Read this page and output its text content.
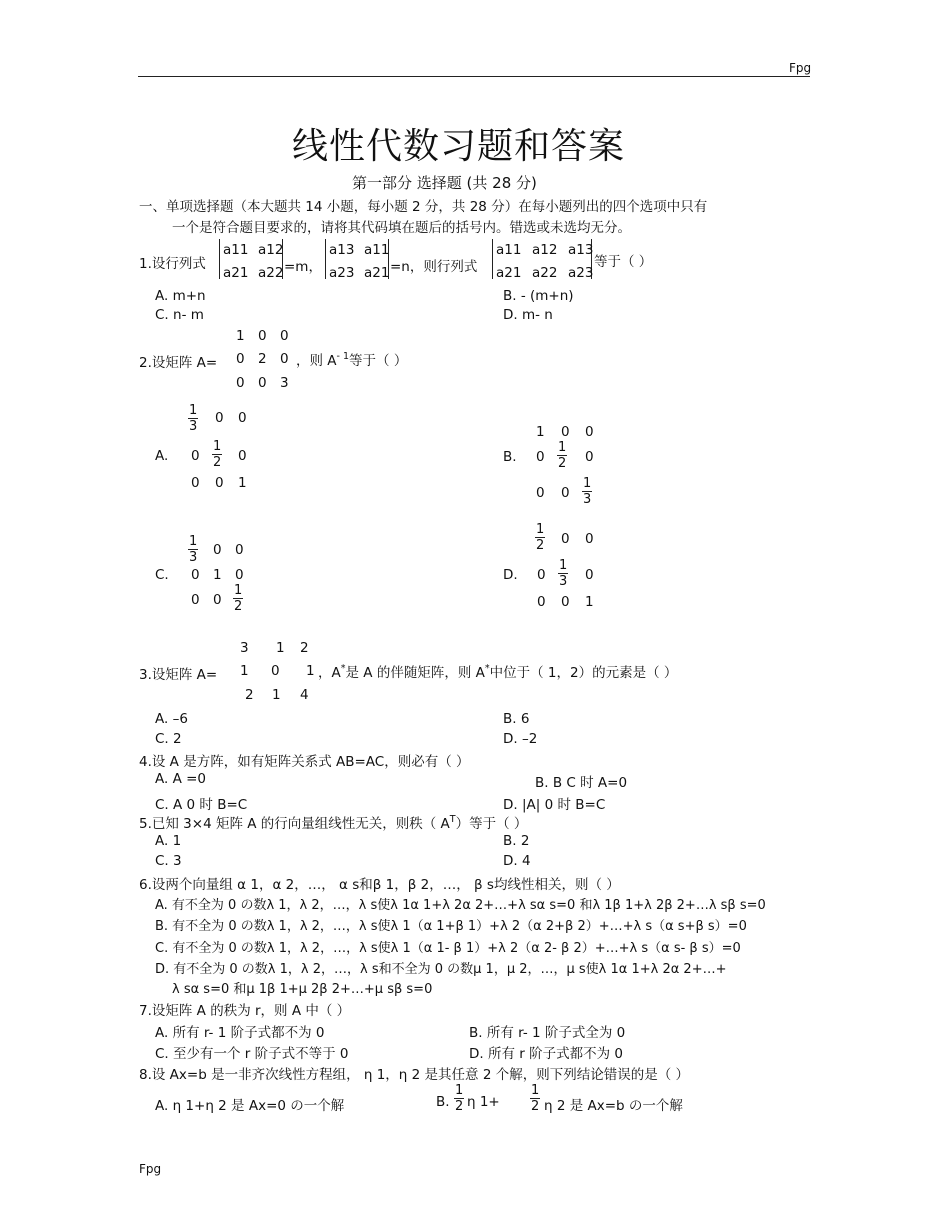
Fpg
线性代数习题和答案
第一部分 选择题 (共 28 分)
一、单项选择题（本大题共 14 小题，每小题 2 分，共 28 分）在每小题列出的四个选项中只有
一个是符合题目要求的，请将其代码填在题后的括号内。错选或未选均无分。
1.设行列式
a11 a12
a21 a22 =m，
a13 a11
a23 a21 =n，则行列式
a11 a12 a13
a21 a22 a23
等于（ ）
A. m+n	B. - (m+n)
C. n- m	D. m- n
1 0 0
2.设矩阵 A= 0 2 0 ，则 $A^{- 1}$等于（ ）
0 0 3
$\frac{1}{3} 0$ 0
A. $0 \frac{1}{2} 0$
0 0 1
1 0 0
B. $0 \frac{1}{2} 0$
0 $0 \frac{1}{3}$
$\frac{1}{3} 0$ 0
C. 0 1 0
0 $0 \frac{1}{2}$
$\frac{1}{2} 0$ 0
D. $0 \frac{1}{3} 0$
0 0 1
3 1 2
3.设矩阵 A= 1 0 1 ，A*是 A 的伴随矩阵，则 A*中位于（ 1，2）的元素是（ ）
2 1 4
A. –6	B. 6
C. 2	D. –2
4.设 A 是方阵，如有矩阵关系式 AB=AC，则必有（ ）
A. A =0	B. B C 时 A=0
C. A 0 时 B=C	D. |A| 0 时 B=C
5.已知 3×4 矩阵 A 的行向量组线性无关，则秩（ $A^T$）等于（ ）
A. 1	B. 2
C. 3	D. 4
6.设两个向量组 α 1，α 2，…， α s和β 1，β 2，…， β s均线性相关，则（ ）
A. 有不全为 0 の数λ 1，λ 2，…，λ s使λ 1α 1+λ 2α 2+…+λ sα s=0 和λ 1β 1+λ 2β 2+…λ sβ s=0
B. 有不全为 0 の数λ 1，λ 2，…，λ s使λ 1（α 1+β 1）+λ 2（α 2+β 2）+…+λ s（α s+β s）=0
C. 有不全为 0 の数λ 1，λ 2，…，λ s使λ 1（α 1- β 1）+λ 2（α 2- β 2）+…+λ s（α s- β s）=0
D. 有不全为 0 の数λ 1，λ 2，…，λ s和不全为 0 の数μ 1，μ 2，…，μ s使λ 1α 1+λ 2α 2+…+
λ sα s=0 和μ 1β 1+μ 2β 2+…+μ sβ s=0
7.设矩阵 A 的秩为 r，则 A 中（ ）
A. 所有 r- 1 阶子式都不为 0	B. 所有 r- 1 阶子式全为 0
C. 至少有一个 r 阶子式不等于 0	D. 所有 r 阶子式都不为 0
8.设 Ax=b 是一非齐次线性方程组， η 1，η 2 是其任意 2 个解，则下列结论错误的是（ ）
A. η 1+η 2 是 Ax=0 の一个解	B. $\frac{1}{2}$ η $1+ \frac{1}{2}$ η 2 是 Ax=b の一个解
Fpg
